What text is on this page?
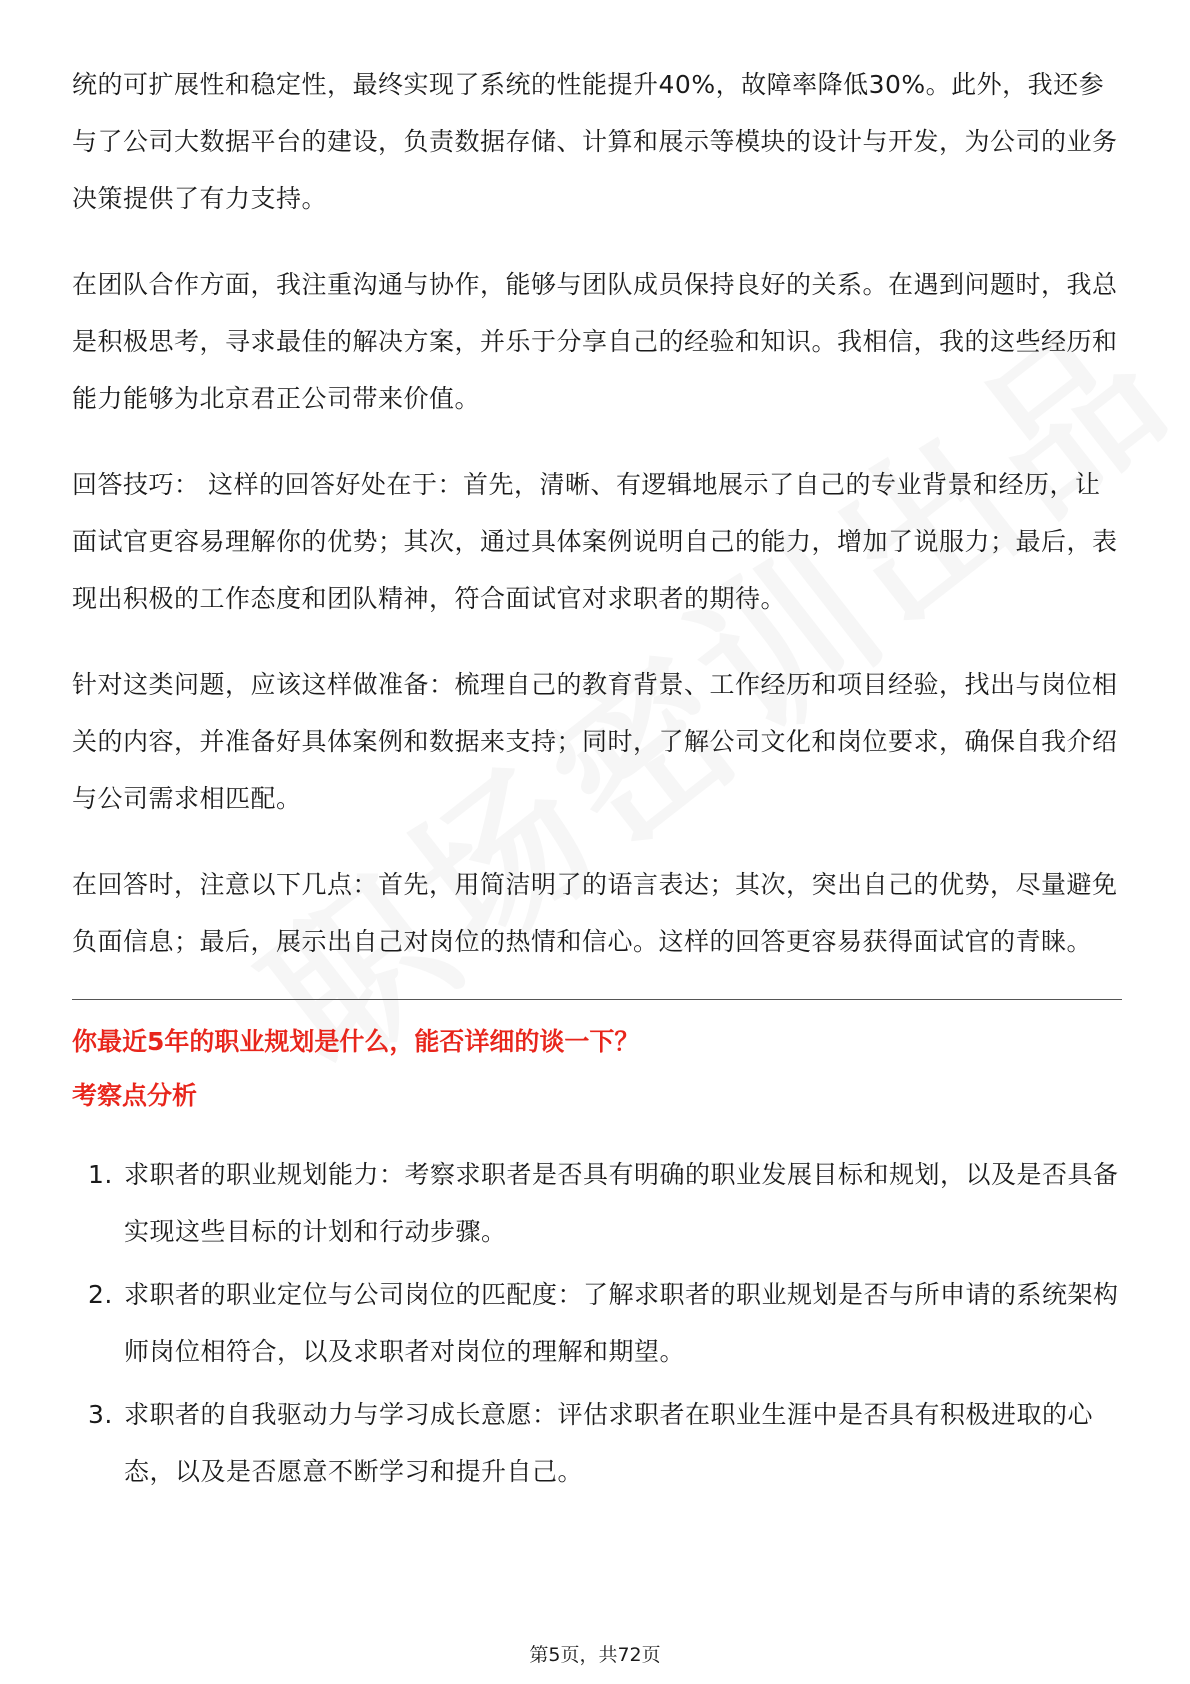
统的可扩展性和稳定性，最终实现了系统的性能提升40%，故障率降低30%。此外，我还参与了公司大数据平台的建设，负责数据存储、计算和展示等模块的设计与开发，为公司的业务决策提供了有力支持。

在团队合作方面，我注重沟通与协作，能够与团队成员保持良好的关系。在遇到问题时，我总是积极思考，寻求最佳的解决方案，并乐于分享自己的经验和知识。我相信，我的这些经历和能力能够为北京君正公司带来价值。

回答技巧： 这样的回答好处在于：首先，清晰、有逻辑地展示了自己的专业背景和经历，让面试官更容易理解你的优势；其次，通过具体案例说明自己的能力，增加了说服力；最后，表现出积极的工作态度和团队精神，符合面试官对求职者的期待。

针对这类问题，应该这样做准备：梳理自己的教育背景、工作经历和项目经验，找出与岗位相关的内容，并准备好具体案例和数据来支持；同时，了解公司文化和岗位要求，确保自我介绍与公司需求相匹配。

在回答时，注意以下几点：首先，用简洁明了的语言表达；其次，突出自己的优势，尽量避免负面信息；最后，展示出自己对岗位的热情和信心。这样的回答更容易获得面试官的青睐。

你最近5年的职业规划是什么，能否详细的谈一下？
考察点分析
1. 求职者的职业规划能力：考察求职者是否具有明确的职业发展目标和规划，以及是否具备实现这些目标的计划和行动步骤。
2. 求职者的职业定位与公司岗位的匹配度：了解求职者的职业规划是否与所申请的系统架构师岗位相符合，以及求职者对岗位的理解和期望。
3. 求职者的自我驱动力与学习成长意愿：评估求职者在职业生涯中是否具有积极进取的心态，以及是否愿意不断学习和提升自己。
第5页，共72页
